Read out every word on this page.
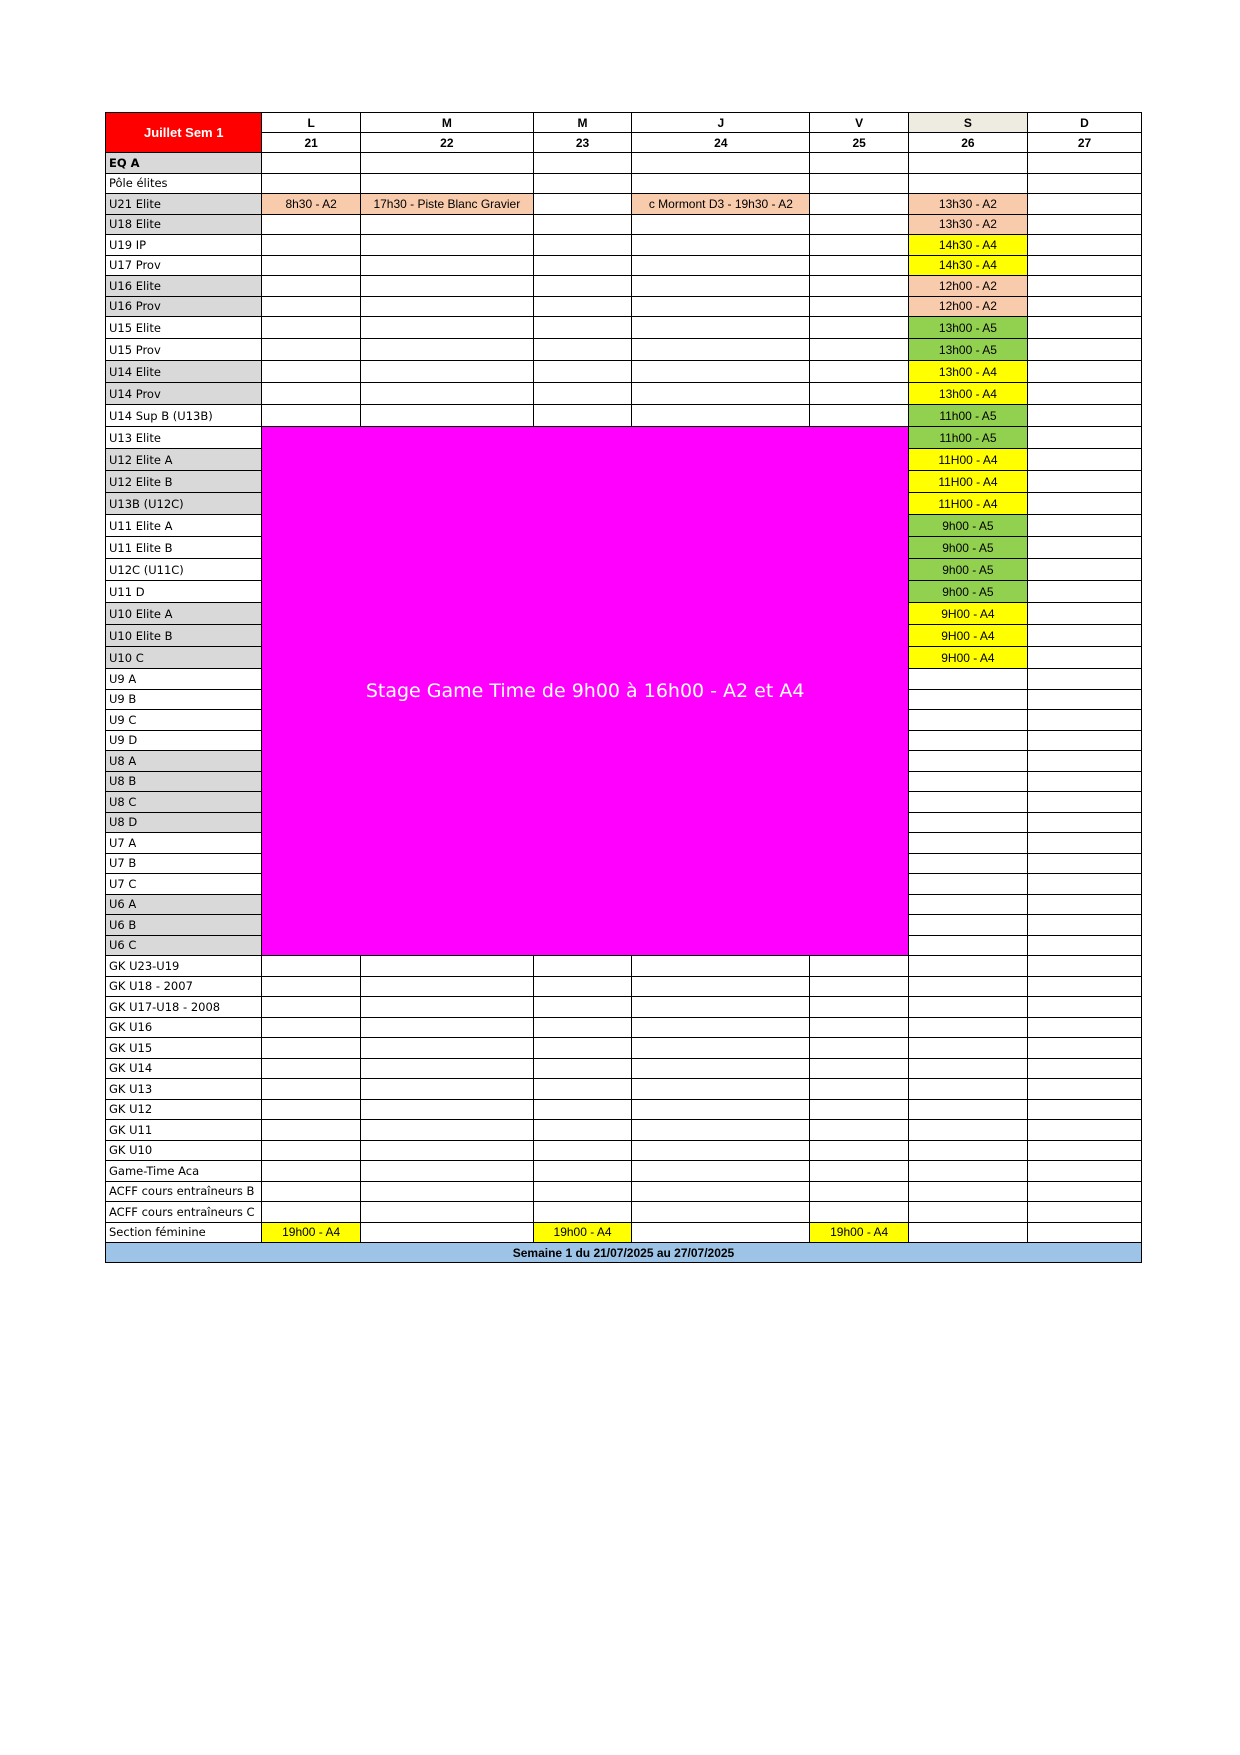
Juillet Sem 1	L	M	M	J	V	S	D
	21	22	23	24	25	26	27
EQ A							
Pôle élites							
U21 Elite	8h30 - A2	17h30 - Piste Blanc Gravier		c Mormont D3 - 19h30 - A2		13h30 - A2	
U18 Elite						13h30 - A2	
U19 IP						14h30 - A4	
U17 Prov						14h30 - A4	
U16 Elite						12h00 - A2	
U16 Prov						12h00 - A2	
U15 Elite						13h00 - A5	
U15 Prov						13h00 - A5	
U14 Elite						13h00 - A4	
U14 Prov						13h00 - A4	
U14 Sup B (U13B)						11h00 - A5	
U13 Elite	Stage Game Time de 9h00 à 16h00 - A2 et A4					11h00 - A5	
U12 Elite A						11H00 - A4	
U12 Elite B						11H00 - A4	
U13B (U12C)						11H00 - A4	
U11 Elite A						9h00 - A5	
U11 Elite B						9h00 - A5	
U12C (U11C)						9h00 - A5	
U11 D						9h00 - A5	
U10 Elite A						9H00 - A4	
U10 Elite B						9H00 - A4	
U10 C						9H00 - A4	
U9 A							
U9 B							
U9 C							
U9 D							
U8 A							
U8 B							
U8 C							
U8 D							
U7 A							
U7 B							
U7 C							
U6 A							
U6 B							
U6 C							
GK U23-U19							
GK U18 - 2007							
GK U17-U18 - 2008							
GK U16							
GK U15							
GK U14							
GK U13							
GK U12							
GK U11							
GK U10							
Game-Time Aca							
ACFF cours entraîneurs B							
ACFF cours entraîneurs C							
Section féminine	19h00 - A4		19h00 - A4		19h00 - A4		
Semaine 1 du 21/07/2025 au 27/07/2025							
